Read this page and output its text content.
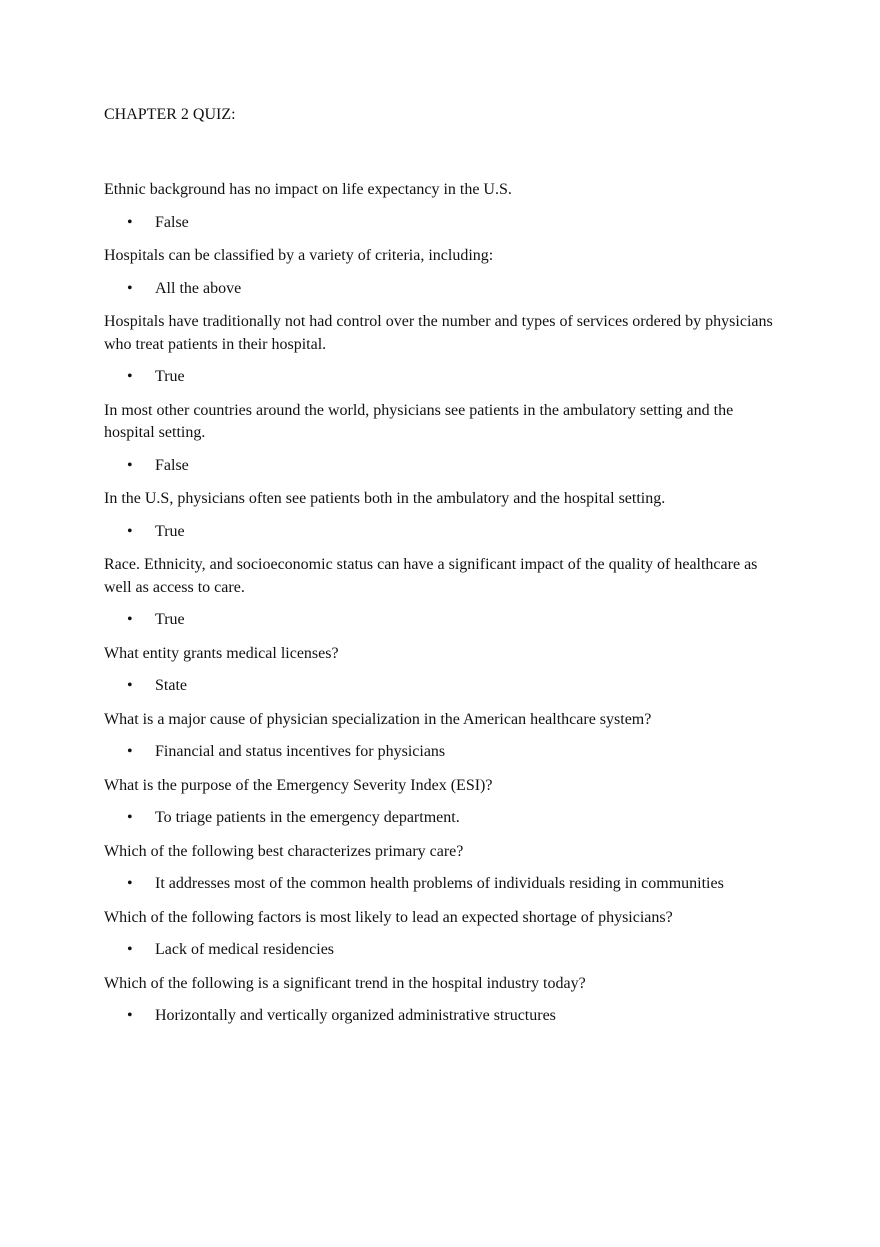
CHAPTER 2 QUIZ:

Ethnic background has no impact on life expectancy in the U.S.

•	False

Hospitals can be classified by a variety of criteria, including:

•	All the above

Hospitals have traditionally not had control over the number and types of services ordered by physicians who treat patients in their hospital.

•	True

In most other countries around the world, physicians see patients in the ambulatory setting and the hospital setting.

•	False

In the U.S, physicians often see patients both in the ambulatory and the hospital setting.

•	True

Race. Ethnicity, and socioeconomic status can have a significant impact of the quality of healthcare as well as access to care.

•	True

What entity grants medical licenses?

•	State

What is a major cause of physician specialization in the American healthcare system?

•	Financial and status incentives for physicians

What is the purpose of the Emergency Severity Index (ESI)?

•	To triage patients in the emergency department.

Which of the following best characterizes primary care?

•	It addresses most of the common health problems of individuals residing in communities

Which of the following factors is most likely to lead an expected shortage of physicians?

•	Lack of medical residencies

Which of the following is a significant trend in the hospital industry today?

•	Horizontally and vertically organized administrative structures
